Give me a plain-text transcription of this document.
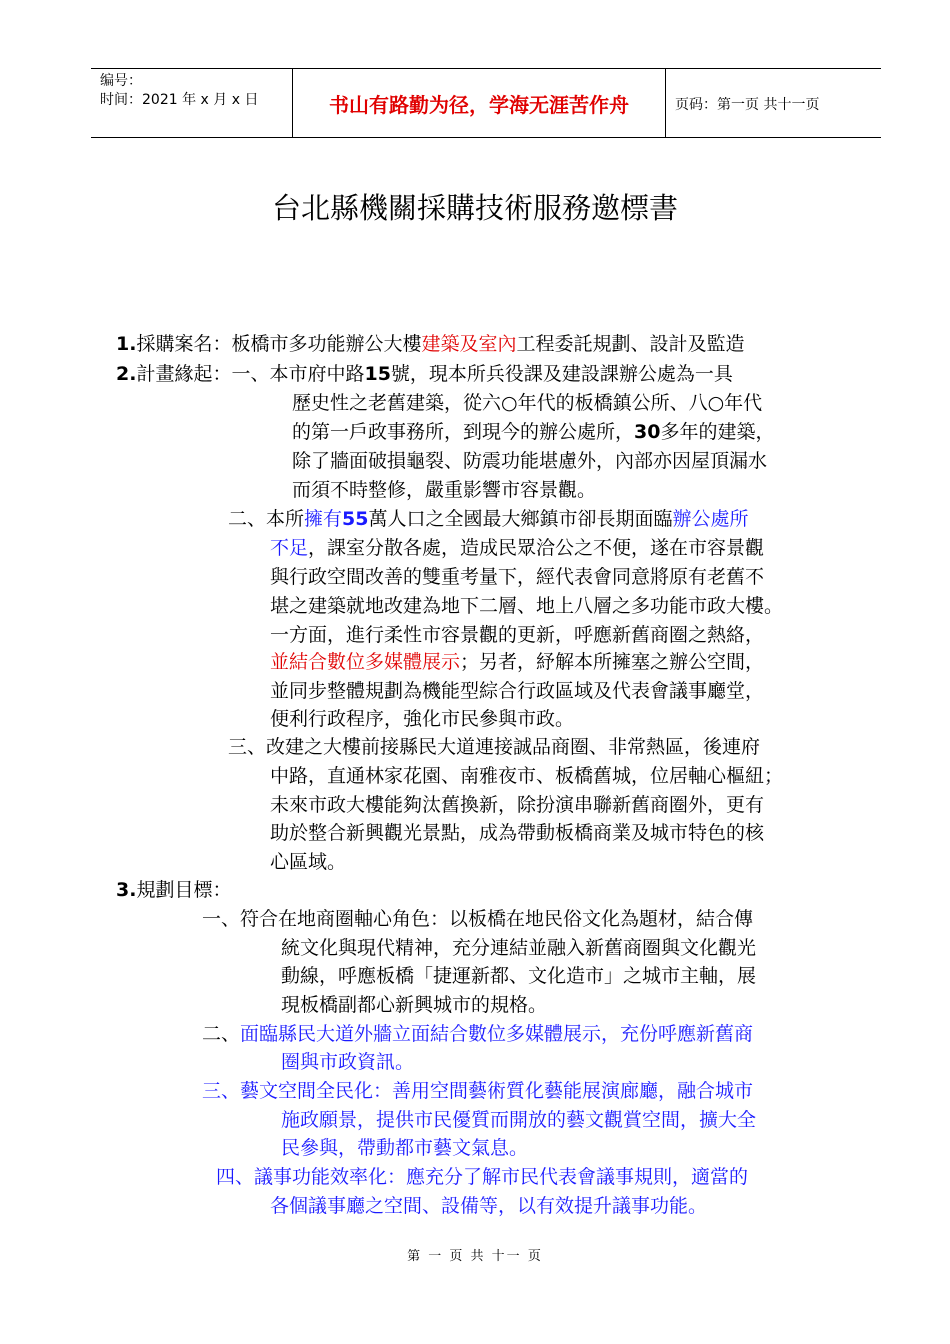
编号：
时间：2021 年 x 月 x 日	书山有路勤为径，学海无涯苦作舟	页码：第一页 共十一页
台北縣機關採購技術服務邀標書
1.採購案名：板橋市多功能辦公大樓建築及室內工程委託規劃、設計及監造
2.計畫緣起：一、本市府中路15號，現本所兵役課及建設課辦公處為一具
歷史性之老舊建築，從六○年代的板橋鎮公所、八○年代
的第一戶政事務所，到現今的辦公處所，30多年的建築，
除了牆面破損龜裂、防震功能堪慮外，內部亦因屋頂漏水
而須不時整修，嚴重影響市容景觀。
二、本所擁有55萬人口之全國最大鄉鎮市卻長期面臨辦公處所
不足，課室分散各處，造成民眾洽公之不便，遂在市容景觀
與行政空間改善的雙重考量下，經代表會同意將原有老舊不
堪之建築就地改建為地下二層、地上八層之多功能市政大樓。
一方面，進行柔性市容景觀的更新，呼應新舊商圈之熱絡，
並結合數位多媒體展示；另者，紓解本所擁塞之辦公空間，
並同步整體規劃為機能型綜合行政區域及代表會議事廳堂，
便利行政程序，強化市民參與市政。
三、改建之大樓前接縣民大道連接誠品商圈、非常熱區，後連府
中路，直通林家花園、南雅夜市、板橋舊城，位居軸心樞紐；
未來市政大樓能夠汰舊換新，除扮演串聯新舊商圈外，更有
助於整合新興觀光景點，成為帶動板橋商業及城市特色的核
心區域。
3.規劃目標：
一、符合在地商圈軸心角色：以板橋在地民俗文化為題材，結合傳
統文化與現代精神，充分連結並融入新舊商圈與文化觀光
動線，呼應板橋「捷運新都、文化造市」之城市主軸，展
現板橋副都心新興城市的規格。
二、面臨縣民大道外牆立面結合數位多媒體展示，充份呼應新舊商
圈與市政資訊。
三、藝文空間全民化：善用空間藝術質化藝能展演廊廳，融合城市
施政願景，提供市民優質而開放的藝文觀賞空間，擴大全
民參與，帶動都市藝文氣息。
四、議事功能效率化：應充分了解市民代表會議事規則，適當的
各個議事廳之空間、設備等，以有效提升議事功能。
第 一 页 共 十一 页
